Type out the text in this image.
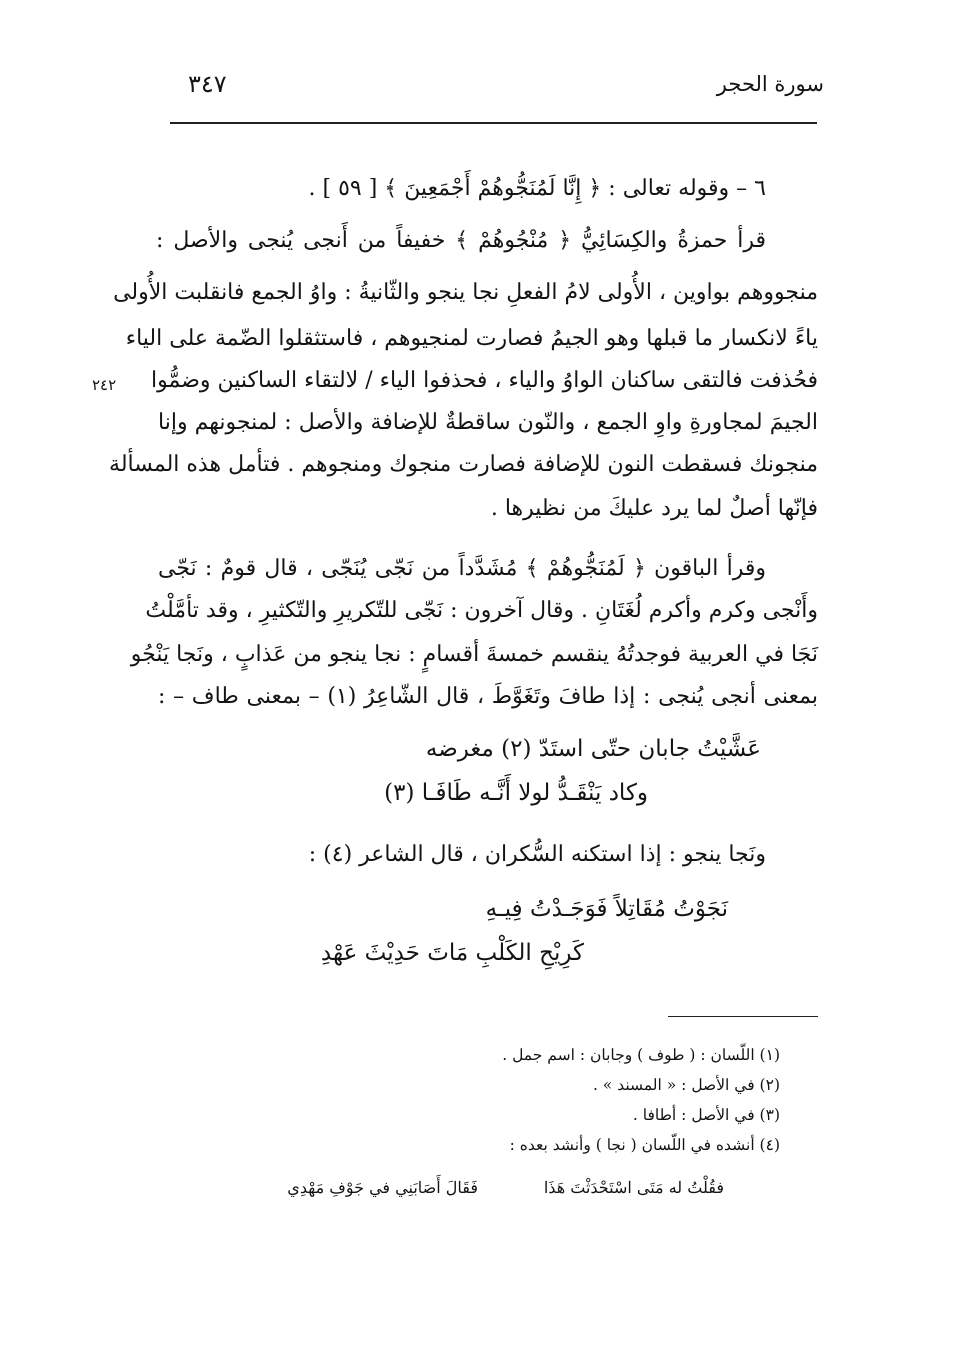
سورة الحجر
٣٤٧
٢٤٢
٦ – وقوله تعالى : ﴿ إِنَّا لَمُنَجُّوهُمْ أَجْمَعِينَ ﴾ [ ٥٩ ] .
قرأ حمزةُ والكِسَائِيُّ ﴿ مُنْجُوهُمْ ﴾ خفيفاً من أَنجى يُنجى والأصل :
منجووهم بواوين ، الأُولى لامُ الفعلِ نجا ينجو والثّانيةُ : واوُ الجمع فانقلبت الأُولى
ياءً لانكسار ما قبلها وهو الجيمُ فصارت لمنجيوهم ، فاستثقلوا الضّمة على الياء
فحُذفت فالتقى ساكنان الواوُ والياء ، فحذفوا الياء / لالتقاء الساكنين وضمُّوا
الجيمَ لمجاورةِ واوِ الجمع ، والنّون ساقطةٌ للإضافة والأصل : لمنجونهم وإنا
منجونك فسقطت النون للإضافة فصارت منجوك ومنجوهم . فتأمل هذه المسألة
فإنّها أصلٌ لما يرد عليكَ من نظيرها .
وقرأ الباقون ﴿ لَمُنَجُّوهُمْ ﴾ مُشَدَّداً من نَجّى يُنَجّى ، قال قومٌ : نَجّى
وأَنْجى وكرم وأكرم لُغَتَانِ . وقال آخرون : نَجّى للتّكريرِ والتّكثيرِ ، وقد تأمَّلْتُ
نَجَا في العربية فوجدتُهُ ينقسم خمسةَ أقسامٍ : نجا ينجو من عَذابٍ ، ونَجا يَنْجُو
بمعنى أنجى يُنجى : إذا طافَ وتَغَوَّطَ ، قال الشّاعِرُ (١) – بمعنى طاف – :
عَشَّيْتُ جابان حتّى استَدّ (٢) مغرضه
وكاد يَنْقَـدُّ لولا أَنَّـه طَافَـا (٣)
ونَجا ينجو : إذا استكنه السُّكران ، قال الشاعر (٤) :
نَجَوْتُ مُقَاتِلاً فَوَجَـدْتُ فِيـهِ
كَرِيْحِ الكَلْبِ مَاتَ حَدِيْثَ عَهْدِ
(١) اللّسان : ( طوف ) وجابان : اسم جمل .
(٢) في الأصل : « المسند » .
(٣) في الأصل : أطافا .
(٤) أنشده في اللّسان ( نجا ) وأنشد بعده :
فقُلْتُ له مَتَى اسْتَحْدَثْتَ هَذَا
فَقَالَ أَصَابَنِي في جَوْفِ مَهْدِي
